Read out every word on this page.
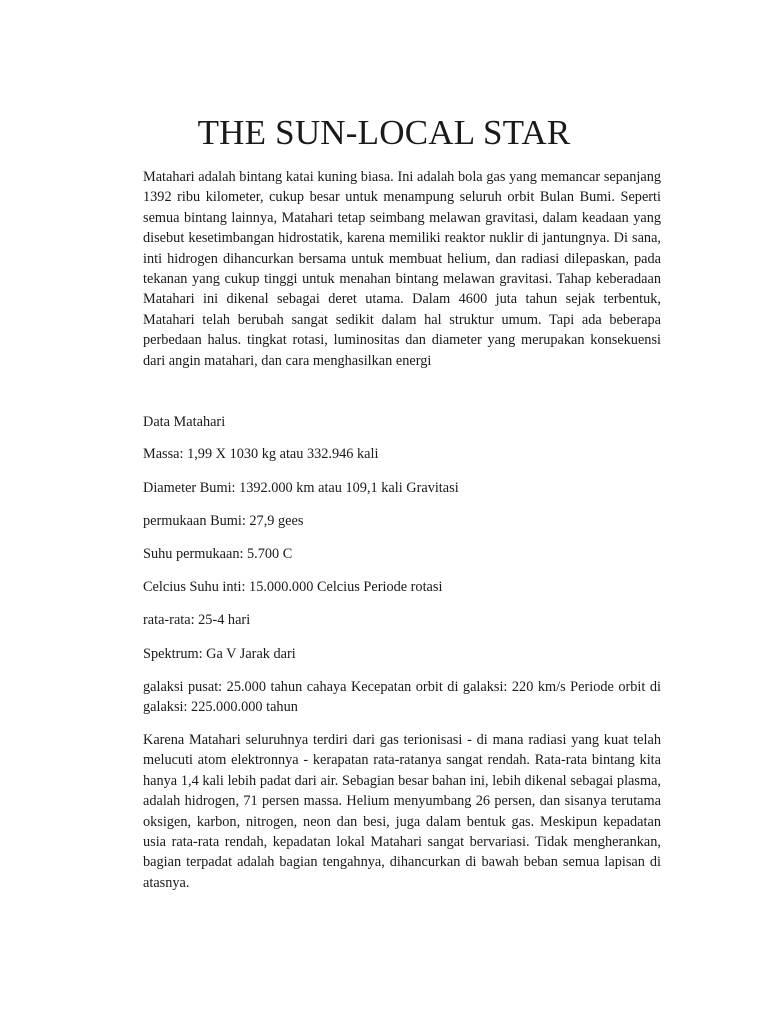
THE SUN-LOCAL STAR

Matahari adalah bintang katai kuning biasa. Ini adalah bola gas yang memancar sepanjang 1392 ribu kilometer, cukup besar untuk menampung seluruh orbit Bulan Bumi. Seperti semua bintang lainnya, Matahari tetap seimbang melawan gravitasi, dalam keadaan yang disebut kesetimbangan hidrostatik, karena memiliki reaktor nuklir di jantungnya. Di sana, inti hidrogen dihancurkan bersama untuk membuat helium, dan radiasi dilepaskan, pada tekanan yang cukup tinggi untuk menahan bintang melawan gravitasi. Tahap keberadaan Matahari ini dikenal sebagai deret utama. Dalam 4600 juta tahun sejak terbentuk, Matahari telah berubah sangat sedikit dalam hal struktur umum. Tapi ada beberapa perbedaan halus. tingkat rotasi, luminositas dan diameter yang merupakan konsekuensi dari angin matahari, dan cara menghasilkan energi

Data Matahari

Massa: 1,99 X 1030 kg atau 332.946 kali

Diameter Bumi: 1392.000 km atau 109,1 kali Gravitasi

permukaan Bumi: 27,9 gees

Suhu permukaan: 5.700 C

Celcius Suhu inti: 15.000.000 Celcius Periode rotasi

rata-rata: 25-4 hari

Spektrum: Ga V Jarak dari

galaksi pusat: 25.000 tahun cahaya Kecepatan orbit di galaksi: 220 km/s Periode orbit di galaksi: 225.000.000 tahun

Karena Matahari seluruhnya terdiri dari gas terionisasi - di mana radiasi yang kuat telah melucuti atom elektronnya - kerapatan rata-ratanya sangat rendah. Rata-rata bintang kita hanya 1,4 kali lebih padat dari air. Sebagian besar bahan ini, lebih dikenal sebagai plasma, adalah hidrogen, 71 persen massa. Helium menyumbang 26 persen, dan sisanya terutama oksigen, karbon, nitrogen, neon dan besi, juga dalam bentuk gas. Meskipun kepadatan usia rata-rata rendah, kepadatan lokal Matahari sangat bervariasi. Tidak mengherankan, bagian terpadat adalah bagian tengahnya, dihancurkan di bawah beban semua lapisan di atasnya.
